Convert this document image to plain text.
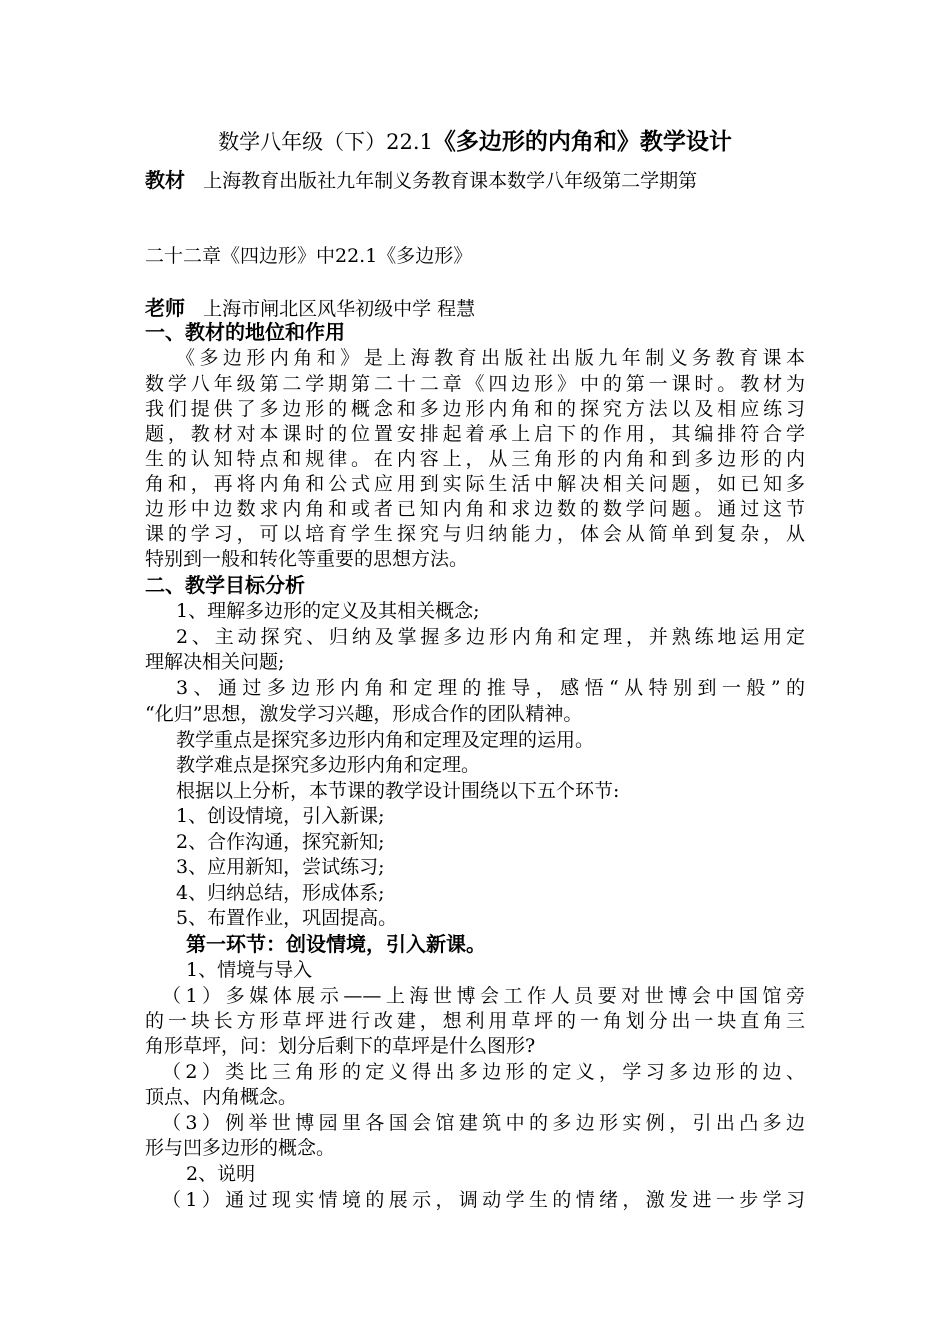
数学八年级（下）22.1《多边形的内角和》教学设计
教材 上海教育出版社九年制义务教育课本数学八年级第二学期第
二十二章《四边形》中22.1《多边形》
老师 上海市闸北区风华初级中学 程慧
一、教材的地位和作用
《多边形内角和》是上海教育出版社出版九年制义务教育课本
数学八年级第二学期第二十二章《四边形》中的第一课时。教材为
我们提供了多边形的概念和多边形内角和的探究方法以及相应练习
题，教材对本课时的位置安排起着承上启下的作用，其编排符合学
生的认知特点和规律。在内容上，从三角形的内角和到多边形的内
角和，再将内角和公式应用到实际生活中解决相关问题，如已知多
边形中边数求内角和或者已知内角和求边数的数学问题。通过这节
课的学习，可以培育学生探究与归纳能力，体会从简单到复杂，从
特别到一般和转化等重要的思想方法。
二、教学目标分析
1、理解多边形的定义及其相关概念;
2、主动探究、归纳及掌握多边形内角和定理，并熟练地运用定
理解决相关问题;
3、通过多边形内角和定理的推导，感悟“从特别到一般”的
“化归”思想，激发学习兴趣，形成合作的团队精神。
教学重点是探究多边形内角和定理及定理的运用。
教学难点是探究多边形内角和定理。
根据以上分析，本节课的教学设计围绕以下五个环节:
1、创设情境，引入新课;
2、合作沟通，探究新知;
3、应用新知，尝试练习;
4、归纳总结，形成体系;
5、布置作业，巩固提高。
第一环节：创设情境，引入新课。
1、情境与导入
（1）多媒体展示——上海世博会工作人员要对世博会中国馆旁
的一块长方形草坪进行改建，想利用草坪的一角划分出一块直角三
角形草坪，问：划分后剩下的草坪是什么图形?
（2）类比三角形的定义得出多边形的定义，学习多边形的边、
顶点、内角概念。
（3）例举世博园里各国会馆建筑中的多边形实例，引出凸多边
形与凹多边形的概念。
2、说明
（1）通过现实情境的展示，调动学生的情绪，激发进一步学习
